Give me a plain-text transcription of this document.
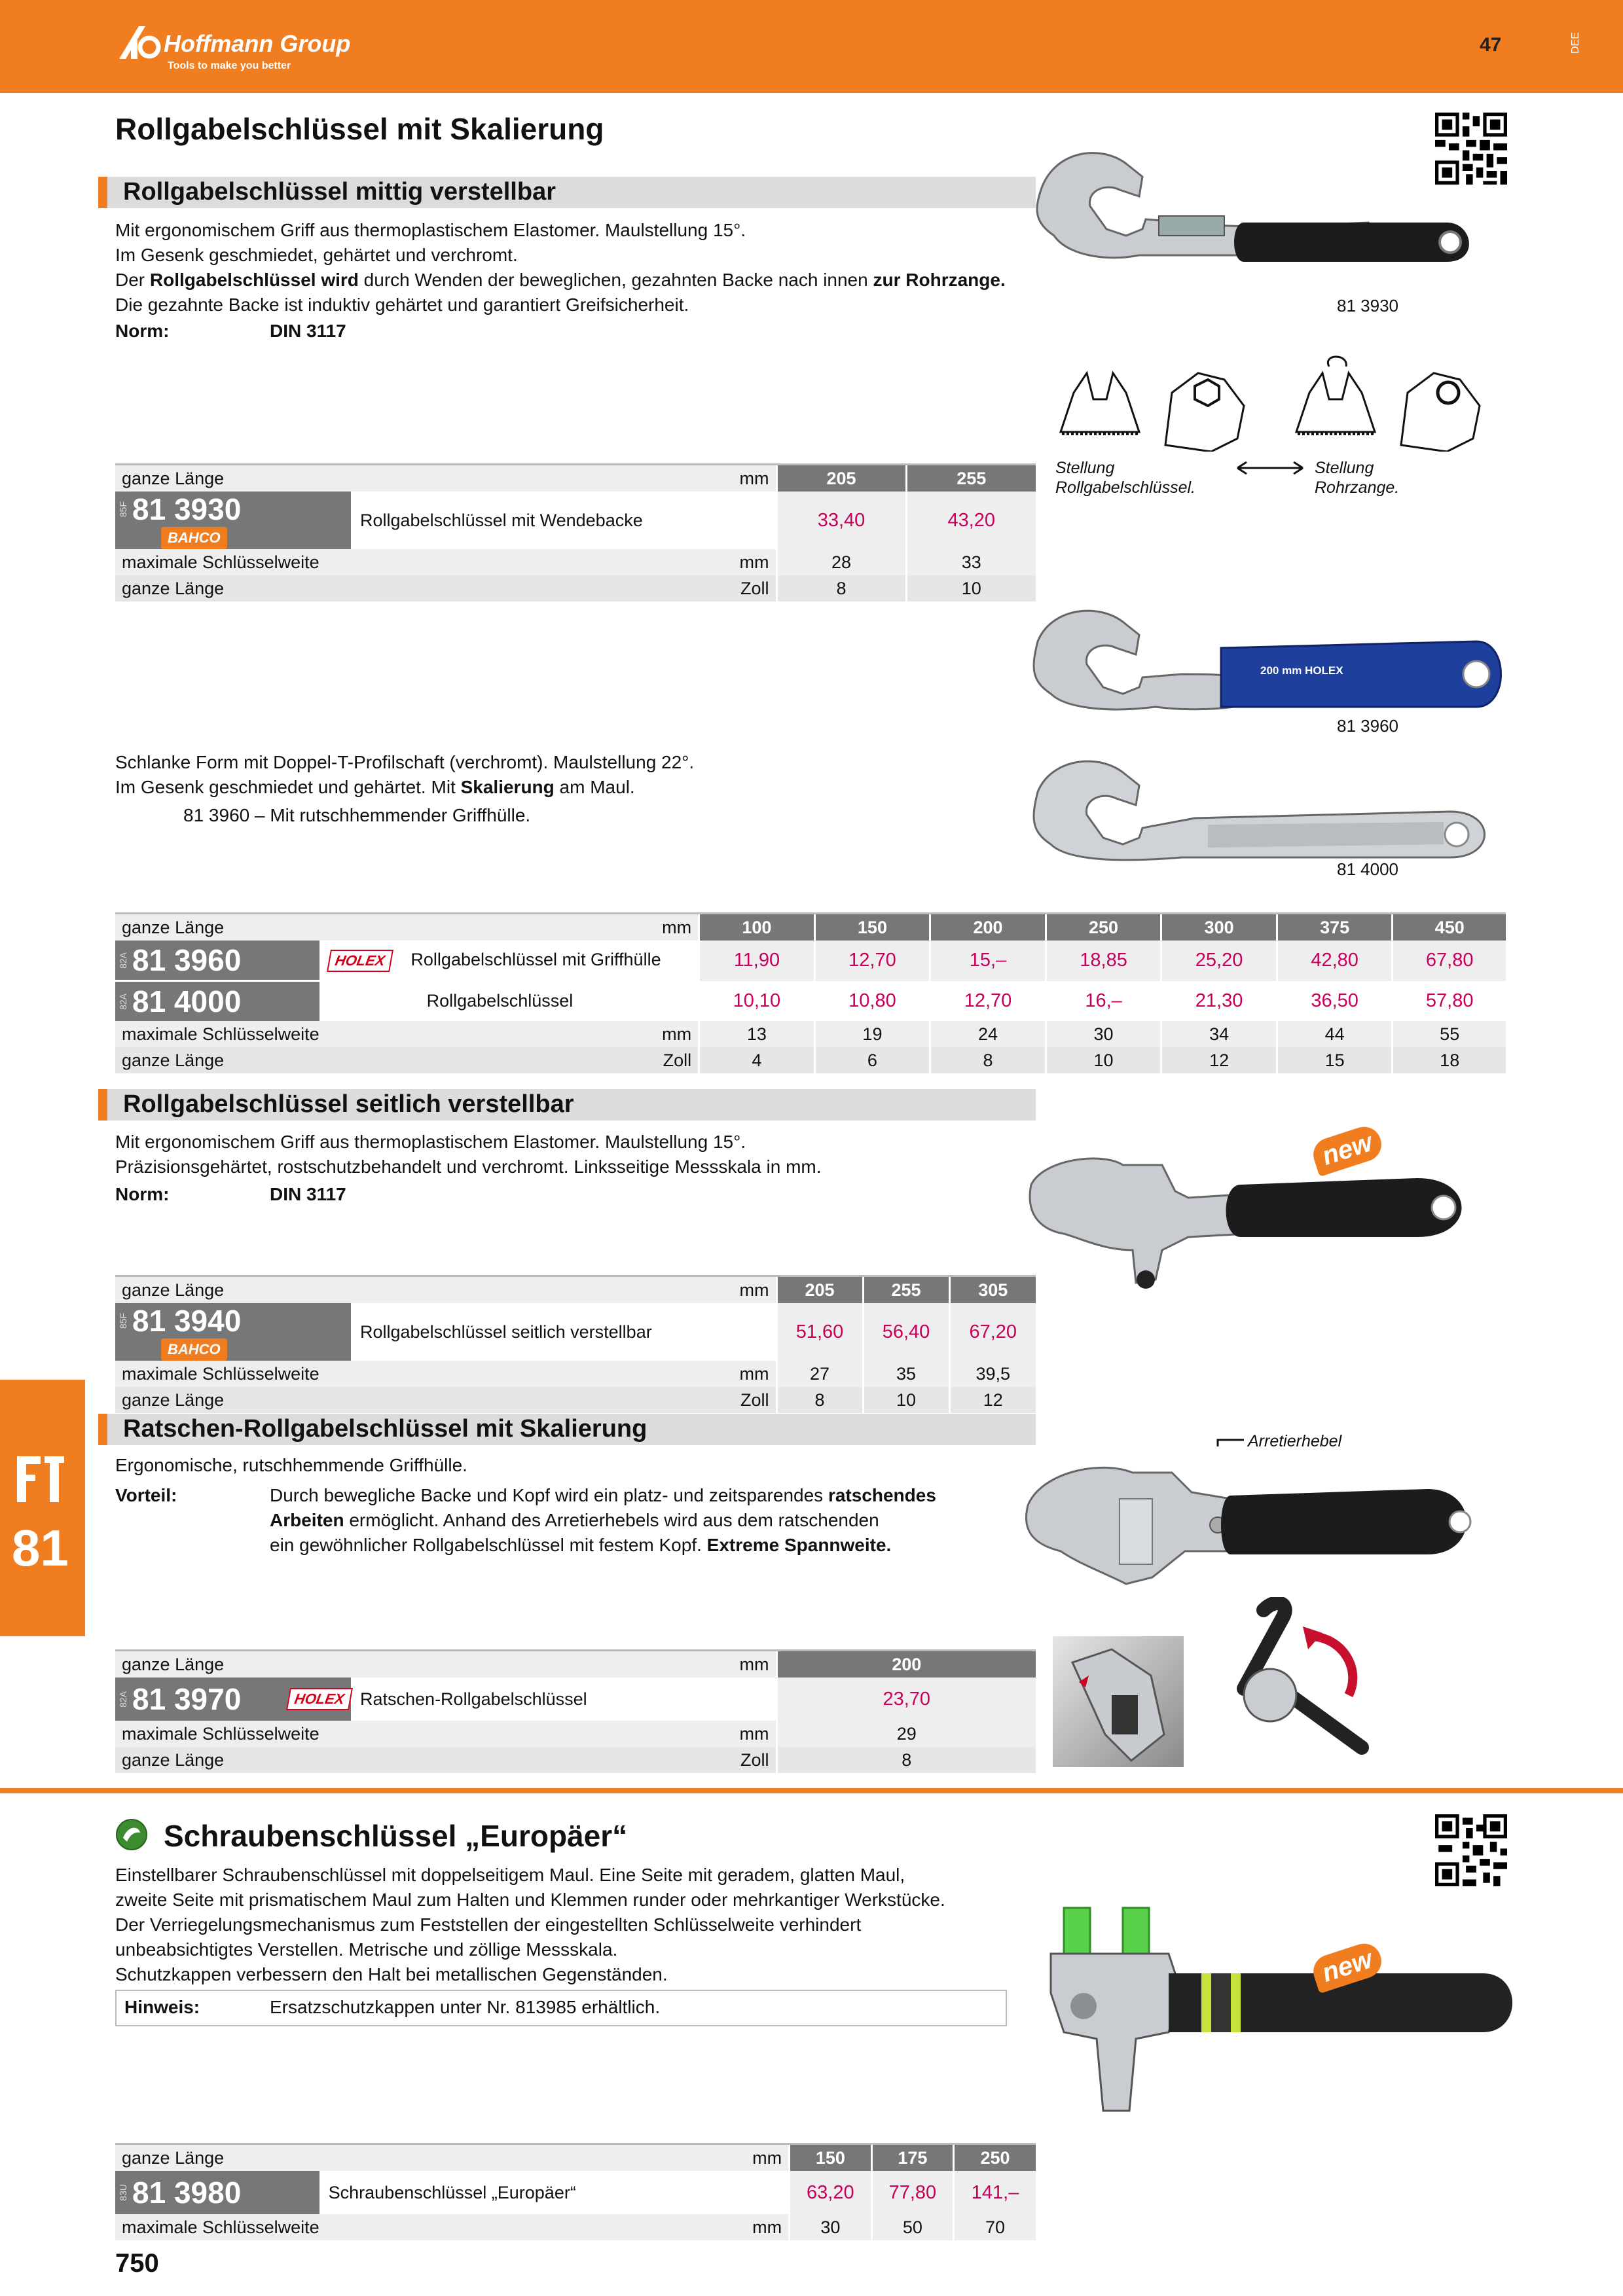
Hoffmann Group
Tools to make you better
47	DEE
81
Rollgabelschlüssel mit Skalierung
Rollgabelschlüssel mittig verstellbar
Mit ergonomischem Griff aus thermoplastischem Elastomer. Maulstellung 15°.
Im Gesenk geschmiedet, gehärtet und verchromt.
Der Rollgabelschlüssel wird durch Wenden der beweglichen, gezahnten Backe nach innen zur Rohrzange.
Die gezahnte Backe ist induktiv gehärtet und garantiert Greifsicherheit.
Norm:	DIN 3117
81 3930
Stellung Rollgabelschlüssel.
Stellung Rohrzange.
ganze Länge		mm	205	255
85F 81 3930 BAHCO	Rollgabelschlüssel mit Wendebacke		33,40	43,20
maximale Schlüsselweite		mm	28	33
ganze Länge		Zoll	8	10
200 mm HOLEX
81 3960
81 4000
Schlanke Form mit Doppel-T-Profilschaft (verchromt). Maulstellung 22°.
Im Gesenk geschmiedet und gehärtet. Mit Skalierung am Maul.
81 3960 – Mit rutschhemmender Griffhülle.
ganze Länge		mm	100	150	200	250	300	375	450
82A 81 3960	HOLEX Rollgabelschlüssel mit Griffhülle		11,90	12,70	15,–	18,85	25,20	42,80	67,80
82A 81 4000	Rollgabelschlüssel		10,10	10,80	12,70	16,–	21,30	36,50	57,80
maximale Schlüsselweite		mm	13	19	24	30	34	44	55
ganze Länge		Zoll	4	6	8	10	12	15	18
Rollgabelschlüssel seitlich verstellbar
Mit ergonomischem Griff aus thermoplastischem Elastomer. Maulstellung 15°.
Präzisionsgehärtet, rostschutzbehandelt und verchromt. Linksseitige Messskala in mm.
Norm:	DIN 3117
new
ganze Länge		mm	205	255	305
85F 81 3940 BAHCO	Rollgabelschlüssel seitlich verstellbar		51,60	56,40	67,20
maximale Schlüsselweite		mm	27	35	39,5
ganze Länge		Zoll	8	10	12
Ratschen-Rollgabelschlüssel mit Skalierung
Ergonomische, rutschhemmende Griffhülle.
Vorteil:	Durch bewegliche Backe und Kopf wird ein platz- und zeitsparendes ratschendes
Arbeiten ermöglicht. Anhand des Arretierhebels wird aus dem ratschenden
ein gewöhnlicher Rollgabelschlüssel mit festem Kopf. Extreme Spannweite.
Arretierhebel
ganze Länge		mm	200
82A 81 3970 HOLEX	Ratschen-Rollgabelschlüssel		23,70
maximale Schlüsselweite		mm	29
ganze Länge		Zoll	8
Schraubenschlüssel „Europäer“
Einstellbarer Schraubenschlüssel mit doppelseitigem Maul. Eine Seite mit geradem, glatten Maul,
zweite Seite mit prismatischem Maul zum Halten und Klemmen runder oder mehrkantiger Werkstücke.
Der Verriegelungsmechanismus zum Feststellen der eingestellten Schlüsselweite verhindert
unbeabsichtigtes Verstellen. Metrische und zöllige Messskala.
Schutzkappen verbessern den Halt bei metallischen Gegenständen.
Hinweis:	Ersatzschutzkappen unter Nr. 813985 erhältlich.
new
ganze Länge		mm	150	175	250
83U 81 3980	Schraubenschlüssel „Europäer“		63,20	77,80	141,–
maximale Schlüsselweite		mm	30	50	70
750
